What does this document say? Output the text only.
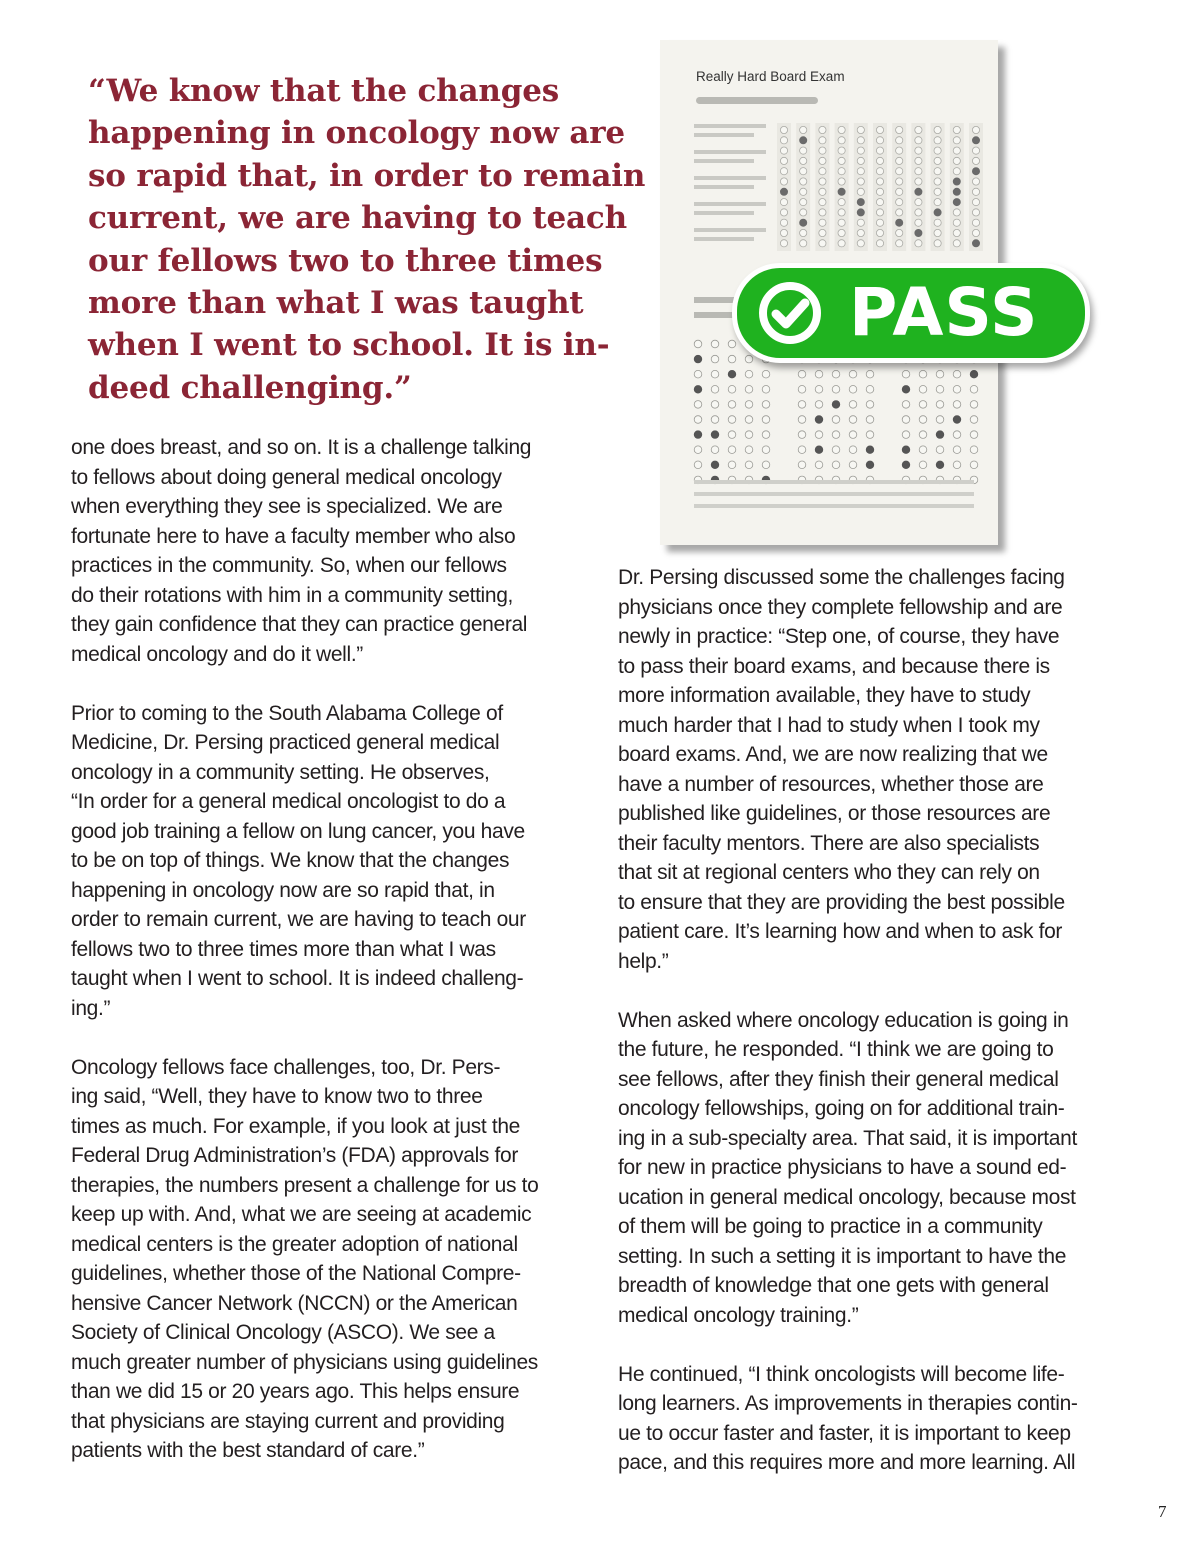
“We know that the changes
happening in oncology now are
so rapid that, in order to remain
current, we are having to teach
our fellows two to three times
more than what I was taught
when I went to school. It is in-
deed challenging.”

one does breast, and so on. It is a challenge talking
to fellows about doing general medical oncology
when everything they see is specialized. We are
fortunate here to have a faculty member who also
practices in the community. So, when our fellows
do their rotations with him in a community setting,
they gain confidence that they can practice general
medical oncology and do it well.”

Prior to coming to the South Alabama College of
Medicine, Dr. Persing practiced general medical
oncology in a community setting. He observes,
“In order for a general medical oncologist to do a
good job training a fellow on lung cancer, you have
to be on top of things. We know that the changes
happening in oncology now are so rapid that, in
order to remain current, we are having to teach our
fellows two to three times more than what I was
taught when I went to school. It is indeed challeng-
ing.”

Oncology fellows face challenges, too, Dr. Pers-
ing said, “Well, they have to know two to three
times as much. For example, if you look at just the
Federal Drug Administration’s (FDA) approvals for
therapies, the numbers present a challenge for us to
keep up with. And, what we are seeing at academic
medical centers is the greater adoption of national
guidelines, whether those of the National Compre-
hensive Cancer Network (NCCN) or the American
Society of Clinical Oncology (ASCO). We see a
much greater number of physicians using guidelines
than we did 15 or 20 years ago. This helps ensure
that physicians are staying current and providing
patients with the best standard of care.”

Dr. Persing discussed some the challenges facing
physicians once they complete fellowship and are
newly in practice: “Step one, of course, they have
to pass their board exams, and because there is
more information available, they have to study
much harder that I had to study when I took my
board exams. And, we are now realizing that we
have a number of resources, whether those are
published like guidelines, or those resources are
their faculty mentors. There are also specialists
that sit at regional centers who they can rely on
to ensure that they are providing the best possible
patient care. It’s learning how and when to ask for
help.”

When asked where oncology education is going in
the future, he responded. “I think we are going to
see fellows, after they finish their general medical
oncology fellowships, going on for additional train-
ing in a sub-specialty area. That said, it is important
for new in practice physicians to have a sound ed-
ucation in general medical oncology, because most
of them will be going to practice in a community
setting. In such a setting it is important to have the
breadth of knowledge that one gets with general
medical oncology training.”

He continued, “I think oncologists will become life-
long learners. As improvements in therapies contin-
ue to occur faster and faster, it is important to keep
pace, and this requires more and more learning. All

Really Hard Board Exam
PASS
7
